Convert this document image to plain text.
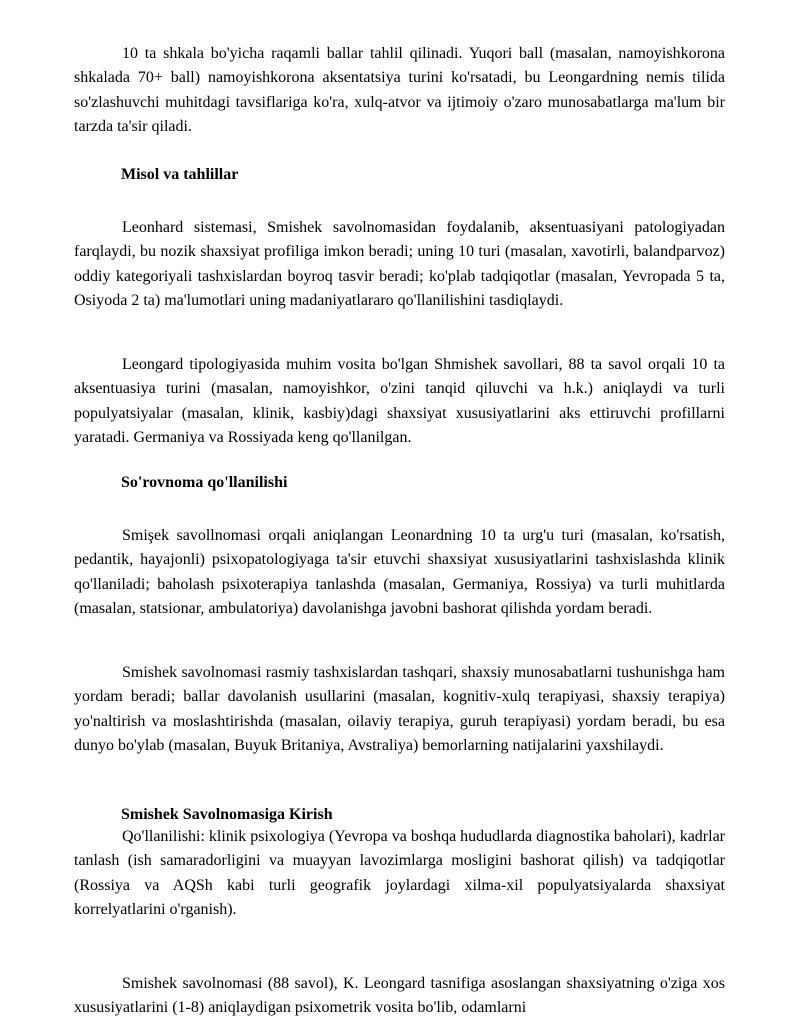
10 ta shkala bo'yicha raqamli ballar tahlil qilinadi. Yuqori ball (masalan, namoyishkorona shkalada 70+ ball) namoyishkorona aksentatsiya turini ko'rsatadi, bu Leongardning nemis tilida so'zlashuvchi muhitdagi tavsiflariga ko'ra, xulq-atvor va ijtimoiy o'zaro munosabatlarga ma'lum bir tarzda ta'sir qiladi.
Misol va tahlillar
Leonhard sistemasi, Smishek savolnomasidan foydalanib, aksentuasiyani patologiyadan farqlaydi, bu nozik shaxsiyat profiliga imkon beradi; uning 10 turi (masalan, xavotirli, balandparvoz) oddiy kategoriyali tashxislardan boyroq tasvir beradi; ko'plab tadqiqotlar (masalan, Yevropada 5 ta, Osiyoda 2 ta) ma'lumotlari uning madaniyatlararo qo'llanilishini tasdiqlaydi.
Leongard tipologiyasida muhim vosita bo'lgan Shmishek savollari, 88 ta savol orqali 10 ta aksentuasiya turini (masalan, namoyishkor, o'zini tanqid qiluvchi va h.k.) aniqlaydi va turli populyatsiyalar (masalan, klinik, kasbiy)dagi shaxsiyat xususiyatlarini aks ettiruvchi profillarni yaratadi. Germaniya va Rossiyada keng qo'llanilgan.
So'rovnoma qo'llanilishi
Smişek savollnomasi orqali aniqlangan Leonardning 10 ta urg'u turi (masalan, ko'rsatish, pedantik, hayajonli) psixopatologiyaga ta'sir etuvchi shaxsiyat xususiyatlarini tashxislashda klinik qo'llaniladi; baholash psixoterapiya tanlashda (masalan, Germaniya, Rossiya) va turli muhitlarda (masalan, statsionar, ambulatoriya) davolanishga javobni bashorat qilishda yordam beradi.
Smishek savolnomasi rasmiy tashxislardan tashqari, shaxsiy munosabatlarni tushunishga ham yordam beradi; ballar davolanish usullarini (masalan, kognitiv-xulq terapiyasi, shaxsiy terapiya) yo'naltirish va moslashtirishda (masalan, oilaviy terapiya, guruh terapiyasi) yordam beradi, bu esa dunyo bo'ylab (masalan, Buyuk Britaniya, Avstraliya) bemorlarning natijalarini yaxshilaydi.
Smishek Savolnomasiga Kirish
Qo'llanilishi: klinik psixologiya (Yevropa va boshqa hududlarda diagnostika baholari), kadrlar tanlash (ish samaradorligini va muayyan lavozimlarga mosligini bashorat qilish) va tadqiqotlar (Rossiya va AQSh kabi turli geografik joylardagi xilma-xil populyatsiyalarda shaxsiyat korrelyatlarini o'rganish).
Smishek savolnomasi (88 savol), K. Leongard tasnifiga asoslangan shaxsiyatning o'ziga xos xususiyatlarini (1-8) aniqlaydigan psixometrik vosita bo'lib, odamlarni
